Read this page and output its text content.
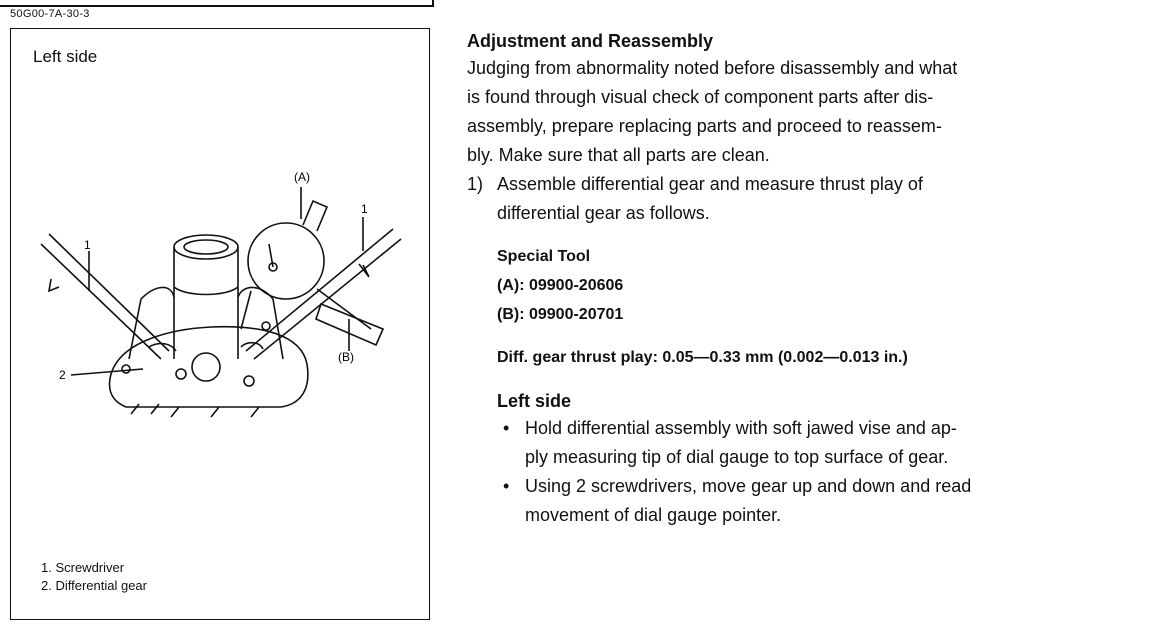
50G00-7A-30-3
Left side
(A)
1
1
(B)
2
1. Screwdriver
2. Differential gear
Adjustment and Reassembly

Judging from abnormality noted before disassembly and what

is found through visual check of component parts after dis-

assembly, prepare replacing parts and proceed to reassem-

bly. Make sure that all parts are clean.

1) Assemble differential gear and measure thrust play of
differential gear as follows.
Special Tool
(A): 09900-20606
(B): 09900-20701
Diff. gear thrust play: 0.05—0.33 mm (0.002—0.013 in.)
Left side
• Hold differential assembly with soft jawed vise and ap-
ply measuring tip of dial gauge to top surface of gear.
• Using 2 screwdrivers, move gear up and down and read
movement of dial gauge pointer.
